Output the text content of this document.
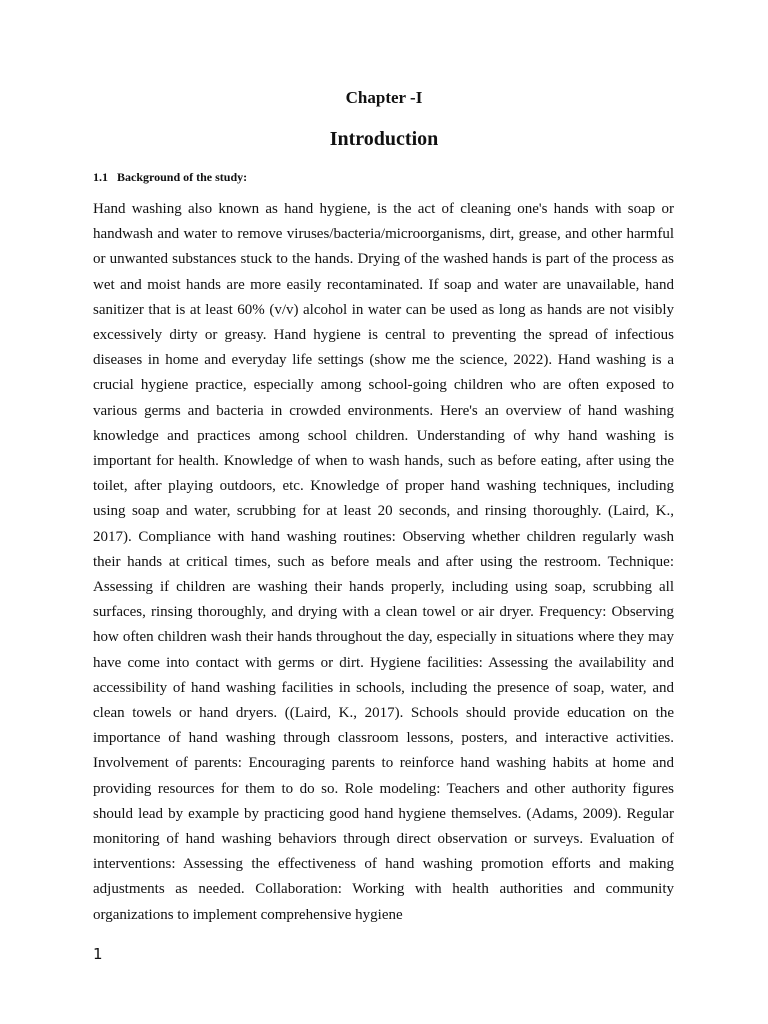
Chapter -I
Introduction
1.1 Background of the study:

Hand washing also known as hand hygiene, is the act of cleaning one's hands with soap or handwash and water to remove viruses/bacteria/microorganisms, dirt, grease, and other harmful or unwanted substances stuck to the hands. Drying of the washed hands is part of the process as wet and moist hands are more easily recontaminated. If soap and water are unavailable, hand sanitizer that is at least 60% (v/v) alcohol in water can be used as long as hands are not visibly excessively dirty or greasy. Hand hygiene is central to preventing the spread of infectious diseases in home and everyday life settings (show me the science, 2022). Hand washing is a crucial hygiene practice, especially among school-going children who are often exposed to various germs and bacteria in crowded environments. Here's an overview of hand washing knowledge and practices among school children. Understanding of why hand washing is important for health. Knowledge of when to wash hands, such as before eating, after using the toilet, after playing outdoors, etc. Knowledge of proper hand washing techniques, including using soap and water, scrubbing for at least 20 seconds, and rinsing thoroughly. (Laird, K., 2017). Compliance with hand washing routines: Observing whether children regularly wash their hands at critical times, such as before meals and after using the restroom. Technique: Assessing if children are washing their hands properly, including using soap, scrubbing all surfaces, rinsing thoroughly, and drying with a clean towel or air dryer. Frequency: Observing how often children wash their hands throughout the day, especially in situations where they may have come into contact with germs or dirt. Hygiene facilities: Assessing the availability and accessibility of hand washing facilities in schools, including the presence of soap, water, and clean towels or hand dryers. ((Laird, K., 2017). Schools should provide education on the importance of hand washing through classroom lessons, posters, and interactive activities. Involvement of parents: Encouraging parents to reinforce hand washing habits at home and providing resources for them to do so. Role modeling: Teachers and other authority figures should lead by example by practicing good hand hygiene themselves. (Adams, 2009). Regular monitoring of hand washing behaviors through direct observation or surveys. Evaluation of interventions: Assessing the effectiveness of hand washing promotion efforts and making adjustments as needed. Collaboration: Working with health authorities and community organizations to implement comprehensive hygiene

1
